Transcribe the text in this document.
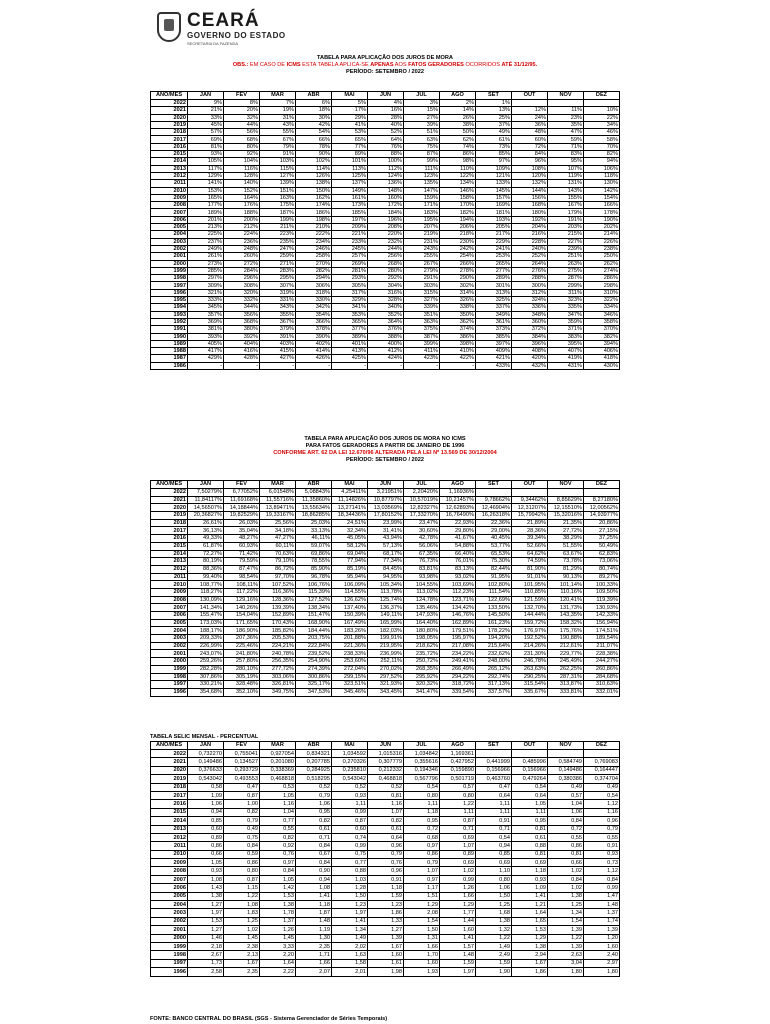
CEARÁ
GOVERNO DO ESTADO
SECRETARIA DA FAZENDA
TABELA PARA APLICAÇÃO DOS JUROS DE MORA
OBS.: EM CASO DE ICMS ESTA TABELA APLICA-SE APENAS AOS FATOS GERADORES OCORRIDOS ATÉ 31/12/95.
PERÍODO: SETEMBRO / 2022
ANO/MÊS	JAN	FEV	MAR	ABR	MAI	JUN	JUL	AGO	SET	OUT	NOV	DEZ
2022	9%	8%	7%	6%	5%	4%	3%	2%	1%			
2021	21%	20%	19%	18%	17%	16%	15%	14%	13%	12%	11%	10%
2020	33%	32%	31%	30%	29%	28%	27%	26%	25%	24%	23%	22%
2019	45%	44%	43%	42%	41%	40%	39%	38%	37%	36%	35%	34%
2018	57%	56%	55%	54%	53%	52%	51%	50%	49%	48%	47%	46%
2017	69%	68%	67%	66%	65%	64%	63%	62%	61%	60%	59%	58%
2016	81%	80%	79%	78%	77%	76%	75%	74%	73%	72%	71%	70%
2015	93%	92%	91%	90%	89%	88%	87%	86%	85%	84%	83%	82%
2014	105%	104%	103%	102%	101%	100%	99%	98%	97%	96%	95%	94%
2013	117%	116%	115%	114%	113%	112%	111%	110%	109%	108%	107%	106%
2012	129%	128%	127%	126%	125%	124%	123%	122%	121%	120%	119%	118%
2011	141%	140%	139%	138%	137%	136%	135%	134%	133%	132%	131%	130%
2010	153%	152%	151%	150%	149%	148%	147%	146%	145%	144%	143%	142%
2009	165%	164%	163%	162%	161%	160%	159%	158%	157%	156%	155%	154%
2008	177%	176%	175%	174%	173%	172%	171%	170%	169%	168%	167%	166%
2007	189%	188%	187%	186%	185%	184%	183%	182%	181%	180%	179%	178%
2006	201%	200%	199%	198%	197%	196%	195%	194%	193%	192%	191%	190%
2005	213%	212%	211%	210%	209%	208%	207%	206%	205%	204%	203%	202%
2004	225%	224%	223%	222%	221%	220%	219%	218%	217%	216%	215%	214%
2003	237%	236%	235%	234%	233%	232%	231%	230%	229%	228%	227%	226%
2002	249%	248%	247%	246%	245%	244%	243%	242%	241%	240%	239%	238%
2001	261%	260%	259%	258%	257%	256%	255%	254%	253%	252%	251%	250%
2000	273%	272%	271%	270%	269%	268%	267%	266%	265%	264%	263%	262%
1999	285%	284%	283%	282%	281%	280%	279%	278%	277%	276%	275%	274%
1998	297%	296%	295%	294%	293%	292%	291%	290%	289%	288%	287%	286%
1997	309%	308%	307%	306%	305%	304%	303%	302%	301%	300%	299%	298%
1996	321%	320%	319%	318%	317%	316%	315%	314%	313%	312%	311%	310%
1995	333%	332%	331%	330%	329%	328%	327%	326%	325%	324%	323%	322%
1994	345%	344%	343%	342%	341%	340%	339%	338%	337%	336%	335%	334%
1993	357%	356%	355%	354%	353%	352%	351%	350%	349%	348%	347%	346%
1992	369%	368%	367%	366%	365%	364%	363%	362%	361%	360%	359%	358%
1991	381%	380%	379%	378%	377%	376%	375%	374%	373%	372%	371%	370%
1990	393%	392%	391%	390%	389%	388%	387%	386%	385%	384%	383%	382%
1989	405%	404%	403%	402%	401%	400%	399%	398%	397%	396%	395%	394%
1988	417%	416%	415%	414%	413%	412%	411%	410%	409%	408%	407%	406%
1987	429%	428%	427%	426%	425%	424%	423%	422%	421%	420%	419%	418%
1986	-	-	-	-	-	-	-	-	433%	432%	431%	430%
TABELA PARA APLICAÇÃO DOS JUROS DE MORA NO ICMS
PARA FATOS GERADORES A PARTIR DE JANEIRO DE 1996
CONFORME ART. 62 DA LEI 12.670/96 ALTERADA PELA LEI Nº 13.569 DE 30/12/2004
PERÍODO: SETEMBRO / 2022
ANO/MÊS	JAN	FEV	MAR	ABR	MAI	JUN	JUL	AGO	SET	OUT	NOV	DEZ
2022	7,50279%	6,77052%	6,01548%	5,08843%	4,25411%	3,21951%	2,20420%	1,16936%				
2021	11,84117%	11,69168%	11,55716%	11,35860%	11,14826%	10,87797%	10,57019%	10,21457%	9,78662%	9,34462%	8,85629%	8,27180%
2020	14,56507%	14,18844%	13,89471%	13,55634%	13,27141%	13,03569%	12,82327%	12,62893%	12,46904%	12,31207%	12,15510%	12,00562%
2019	20,36827%	19,82529%	19,33167%	18,86285%	18,34436%	17,80152%	17,33270%	16,76490%	16,26318%	15,79942%	15,32016%	14,93977%
2018	26,61%	26,03%	25,56%	25,03%	24,51%	23,99%	23,47%	22,93%	22,36%	21,89%	21,35%	20,86%
2017	36,13%	35,04%	34,18%	33,13%	32,34%	31,41%	30,60%	29,80%	29,00%	28,36%	27,72%	27,15%
2016	49,33%	48,27%	47,27%	46,11%	45,05%	43,94%	42,78%	41,67%	40,45%	39,34%	38,29%	37,25%
2015	61,87%	60,93%	60,11%	59,07%	58,12%	57,13%	56,06%	54,88%	53,77%	52,66%	51,55%	50,49%
2014	72,27%	71,42%	70,63%	69,86%	69,04%	68,17%	67,35%	66,40%	65,53%	64,62%	63,67%	62,83%
2013	80,19%	79,59%	79,10%	78,55%	77,94%	77,34%	76,73%	76,01%	75,30%	74,59%	73,78%	73,06%
2012	88,36%	87,47%	86,72%	85,90%	85,19%	84,45%	83,81%	83,13%	82,44%	81,90%	81,29%	80,74%
2011	99,40%	98,54%	97,70%	96,78%	95,94%	94,95%	93,98%	93,02%	91,95%	91,01%	90,13%	89,27%
2010	108,77%	108,11%	107,52%	106,76%	106,09%	105,34%	104,55%	103,69%	102,80%	101,95%	101,14%	100,33%
2009	118,27%	117,22%	116,36%	115,39%	114,55%	113,78%	113,02%	112,23%	111,54%	110,85%	110,16%	109,50%
2008	130,09%	129,16%	128,36%	127,52%	126,62%	125,74%	124,78%	123,71%	122,69%	121,59%	120,41%	119,39%
2007	141,34%	140,26%	139,39%	138,34%	137,40%	136,37%	135,46%	134,42%	133,50%	132,70%	131,73%	130,93%
2006	155,47%	154,04%	152,89%	151,47%	150,39%	149,11%	147,93%	146,76%	145,50%	144,44%	143,35%	142,33%
2005	173,03%	171,65%	170,43%	168,90%	167,49%	165,99%	164,40%	162,89%	161,23%	159,72%	158,32%	156,94%
2004	188,17%	186,90%	185,82%	184,44%	183,26%	182,03%	180,80%	179,51%	178,22%	176,97%	175,76%	174,51%
2003	209,33%	207,36%	205,53%	203,75%	201,88%	199,91%	198,05%	195,97%	194,20%	192,52%	190,88%	189,54%
2002	226,99%	225,46%	224,21%	222,84%	221,36%	219,95%	218,62%	217,08%	215,64%	214,26%	212,61%	211,07%
2001	243,07%	241,80%	240,78%	239,52%	238,33%	236,99%	235,72%	234,22%	232,62%	231,30%	229,77%	228,38%
2000	259,26%	257,80%	256,35%	254,90%	253,60%	252,11%	250,72%	249,41%	248,00%	246,78%	245,49%	244,27%
1999	282,28%	280,10%	277,72%	274,39%	272,04%	270,02%	268,35%	266,49%	265,12%	263,63%	262,25%	260,86%
1998	307,86%	305,19%	303,06%	300,86%	299,15%	297,52%	295,92%	294,22%	292,74%	290,25%	287,31%	284,68%
1997	330,21%	328,48%	326,81%	325,17%	323,51%	321,93%	320,32%	318,72%	317,13%	315,54%	313,87%	310,63%
1996	354,68%	352,10%	349,75%	347,53%	345,46%	343,45%	341,47%	339,54%	337,57%	335,67%	333,81%	332,01%
TABELA SELIC MENSAL - PERCENTUAL
ANO/MÊS	JAN	FEV	MAR	ABR	MAI	JUN	JUL	AGO	SET	OUT	NOV	DEZ
2022	0,732270	0,755041	0,927054	0,834321	1,034592	1,015316	1,034842	1,169361				
2021	0,149486	0,134527	0,201080	0,207785	0,270326	0,307779	0,355616	0,427952	0,441999	0,485996	0,584749	0,769083
2020	0,376633	0,293729	0,338369	0,284925	0,235810	0,212332	0,194346	0,159890	0,156966	0,156966	0,149486	0,164447
2019	0,543042	0,493553	0,468818	0,518295	0,543042	0,468818	0,567796	0,501719	0,463760	0,479264	0,380386	0,374704
2018	0,58	0,47	0,53	0,52	0,52	0,52	0,54	0,57	0,47	0,54	0,49	0,49
2017	1,09	0,87	1,05	0,79	0,93	0,81	0,80	0,80	0,64	0,64	0,57	0,54
2016	1,06	1,00	1,16	1,06	1,11	1,16	1,11	1,22	1,11	1,05	1,04	1,12
2015	0,94	0,82	1,04	0,95	0,99	1,07	1,18	1,11	1,11	1,11	1,06	1,16
2014	0,85	0,79	0,77	0,82	0,87	0,82	0,95	0,87	0,91	0,95	0,84	0,96
2013	0,60	0,49	0,55	0,61	0,60	0,61	0,72	0,71	0,71	0,81	0,72	0,79
2012	0,89	0,75	0,82	0,71	0,74	0,64	0,68	0,69	0,54	0,61	0,55	0,55
2011	0,86	0,84	0,92	0,84	0,99	0,96	0,97	1,07	0,94	0,88	0,86	0,91
2010	0,66	0,59	0,76	0,67	0,75	0,79	0,86	0,89	0,85	0,81	0,81	0,93
2009	1,05	0,86	0,97	0,84	0,77	0,76	0,79	0,69	0,69	0,69	0,66	0,73
2008	0,93	0,80	0,84	0,90	0,88	0,96	1,07	1,02	1,10	1,18	1,02	1,12
2007	1,08	0,87	1,05	0,94	1,03	0,91	0,97	0,99	0,80	0,93	0,84	0,84
2006	1,43	1,15	1,42	1,08	1,28	1,18	1,17	1,26	1,06	1,09	1,02	0,99
2005	1,38	1,22	1,53	1,41	1,50	1,59	1,51	1,66	1,50	1,41	1,38	1,47
2004	1,27	1,08	1,38	1,18	1,23	1,23	1,29	1,29	1,25	1,21	1,25	1,48
2003	1,97	1,83	1,78	1,87	1,97	1,86	2,08	1,77	1,68	1,64	1,34	1,37
2002	1,53	1,25	1,37	1,48	1,41	1,33	1,54	1,44	1,38	1,65	1,54	1,74
2001	1,27	1,02	1,26	1,19	1,34	1,27	1,50	1,60	1,32	1,53	1,39	1,39
2000	1,46	1,45	1,45	1,30	1,49	1,39	1,31	1,41	1,22	1,29	1,22	1,20
1999	2,18	2,38	3,33	2,35	2,02	1,67	1,66	1,57	1,49	1,38	1,39	1,60
1998	2,67	2,13	2,20	1,71	1,63	1,60	1,70	1,48	2,49	2,94	2,63	2,40
1997	1,73	1,67	1,64	1,66	1,58	1,61	1,60	1,59	1,59	1,67	3,04	2,97
1996	2,58	2,35	2,22	2,07	2,01	1,98	1,93	1,97	1,90	1,86	1,80	1,80
FONTE: BANCO CENTRAL DO BRASIL (SGS - Sistema Gerenciador de Séries Temporais)
